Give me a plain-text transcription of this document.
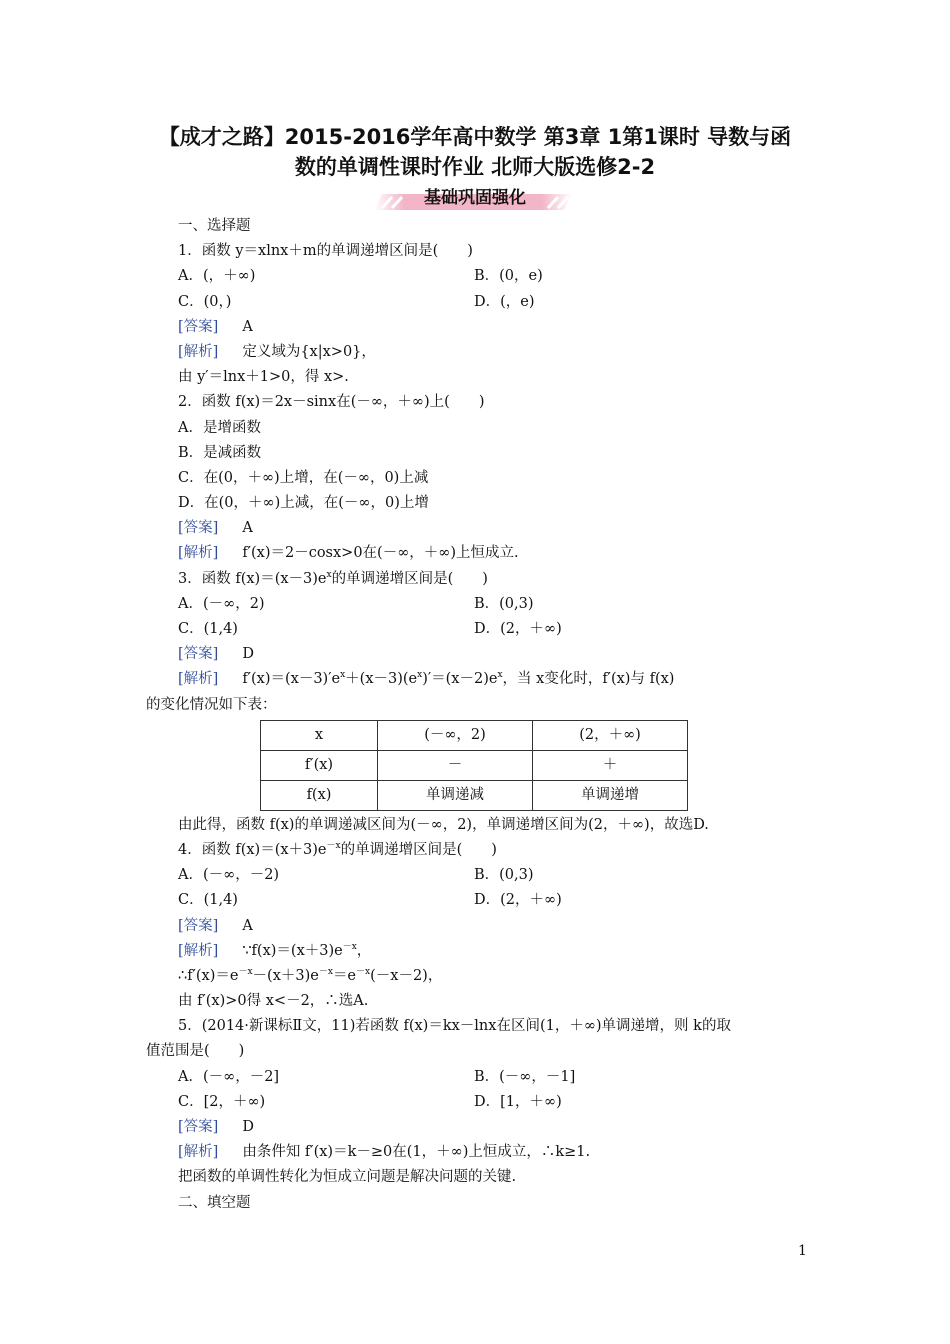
【成才之路】2015-2016学年高中数学 第3章 1第1课时 导数与函
数的单调性课时作业 北师大版选修2-2
基础巩固强化
一、选择题
1．函数 y＝xlnx＋m的单调递增区间是(　　)
A．(，＋∞)	B．(0，e)
C．(0，)	D．(，e)
[答案] A
[解析] 定义域为{x|x>0}，
由 y′＝lnx＋1>0，得 x>.
2．函数 f(x)＝2x－sinx在(－∞，＋∞)上(　　)
A．是增函数
B．是减函数
C．在(0，＋∞)上增，在(－∞，0)上减
D．在(0，＋∞)上减，在(－∞，0)上增
[答案] A
[解析] f′(x)＝2－cosx>0在(－∞，＋∞)上恒成立.
3．函数 $f(x)=(x-3)e^x$的单调递增区间是(　　)
A．(－∞，2)	B．(0,3)
C．(1,4)	D．(2，＋∞)
[答案] D
[解析] $f'(x)=(x-3)'e^x+(x-3)(e^x)'=(x-2)e^x$，当 x变化时，f′(x)与 f(x)
的变化情况如下表：
x	(－∞，2)	(2，＋∞)
f′(x)	－	＋
f(x)	单调递减	单调递增
由此得，函数 f(x)的单调递减区间为(－∞，2)，单调递增区间为(2，＋∞)，故选D.
4．函数 $f(x)=(x+3)e^{-x}$的单调递增区间是(　　)
A．(－∞，－2)	B．(0,3)
C．(1,4)	D．(2，＋∞)
[答案] A
[解析] $\because f(x)=(x+3)e^{-x}$，
$\therefore f'(x)=e^{-x}-(x+3)e^{-x}=e^{-x}(-x-2)$，
由 f′(x)>0得 x<－2，∴选A.
5．(2014·新课标Ⅱ文，11)若函数 f(x)＝kx－lnx在区间(1，＋∞)单调递增，则 k的取
值范围是(　　)
A．(－∞，－2]	B．(－∞，－1]
C．[2，＋∞)	D．[1，＋∞)
[答案] D
[解析] 由条件知 f′(x)＝k－≥0在(1，＋∞)上恒成立，∴k≥1.
把函数的单调性转化为恒成立问题是解决问题的关键.
二、填空题
1
